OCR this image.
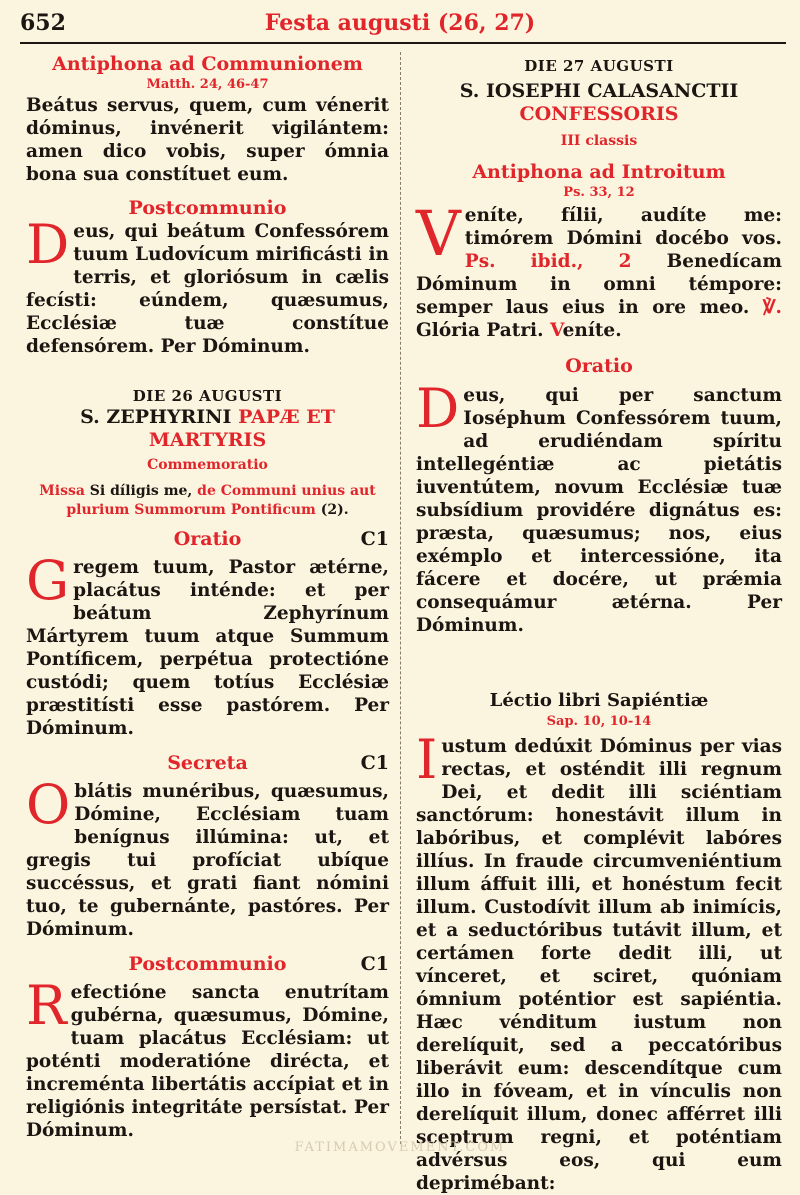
652	Festa augusti (26, 27)

Antiphona ad Communionem

Matth. 24, 46-47

Beátus servus, quem, cum vénerit dóminus, invénerit vigilántem: amen dico vobis, super ómnia bona sua constítuet eum.

Postcommunio

Deus, qui beátum Confessórem tuum Ludovícum mirificásti in terris, et gloriósum in cælis fecísti: eúndem, quæsumus, Ecclésiæ tuæ constítue defensórem. Per Dóminum.

DIE 26 AUGUSTI

S. ZEPHYRINI PAPÆ ET MARTYRIS

Commemoratio

Missa Si díligis me, de Communi unius aut plurium Summorum Pontificum (2).

Oratio	C1

Gregem tuum, Pastor ætérne, placátus inténde: et per beátum Zephyrínum Mártyrem tuum atque Summum Pontíficem, perpétua protectióne custódi; quem totíus Ecclésiæ præstitísti esse pastórem. Per Dóminum.

Secreta	C1

Oblátis munéribus, quæsumus, Dómine, Ecclésiam tuam benígnus illúmina: ut, et gregis tui profíciat ubíque succéssus, et grati fiant nómini tuo, te gubernánte, pastóres. Per Dóminum.

Postcommunio	C1

Refectióne sancta enutrítam gubérna, quæsumus, Dómine, tuam placátus Ecclésiam: ut poténti moderatióne dirécta, et increménta libertátis accípiat et in religiónis integritáte persístat. Per Dóminum.

DIE 27 AUGUSTI

S. IOSEPHI CALASANCTII

CONFESSORIS

III classis

Antiphona ad Introitum

Ps. 33, 12

Veníte, fílii, audíte me: timórem Dómini docébo vos. Ps. ibid., 2 Benedícam Dóminum in omni témpore: semper laus eius in ore meo. ℣. Glória Patri. Veníte.

Oratio

Deus, qui per sanctum Ioséphum Confessórem tuum, ad erudiéndam spíritu intellegéntiæ ac pietátis iuventútem, novum Ecclésiæ tuæ subsídium providére dignátus es: præsta, quæsumus; nos, eius exémplo et intercessióne, ita fácere et docére, ut prǽmia consequámur ætérna. Per Dóminum.

Léctio libri Sapiéntiæ

Sap. 10, 10-14

Iustum dedúxit Dóminus per vias rectas, et osténdit illi regnum Dei, et dedit illi sciéntiam sanctórum: honestávit illum in labóribus, et complévit labóres illíus. In fraude circumveniéntium illum áffuit illi, et honéstum fecit illum. Custodívit illum ab inimícis, et a seductóribus tutávit illum, et certámen forte dedit illi, ut vínceret, et sciret, quóniam ómnium poténtior est sapiéntia. Hæc vénditum iustum non derelíquit, sed a peccatóribus liberávit eum: descendítque cum illo in fóveam, et in vínculis non derelíquit illum, donec afférret illi sceptrum regni, et poténtiam advérsus eos, qui eum deprimébant:

FATIMAMOVEMENT.COM
